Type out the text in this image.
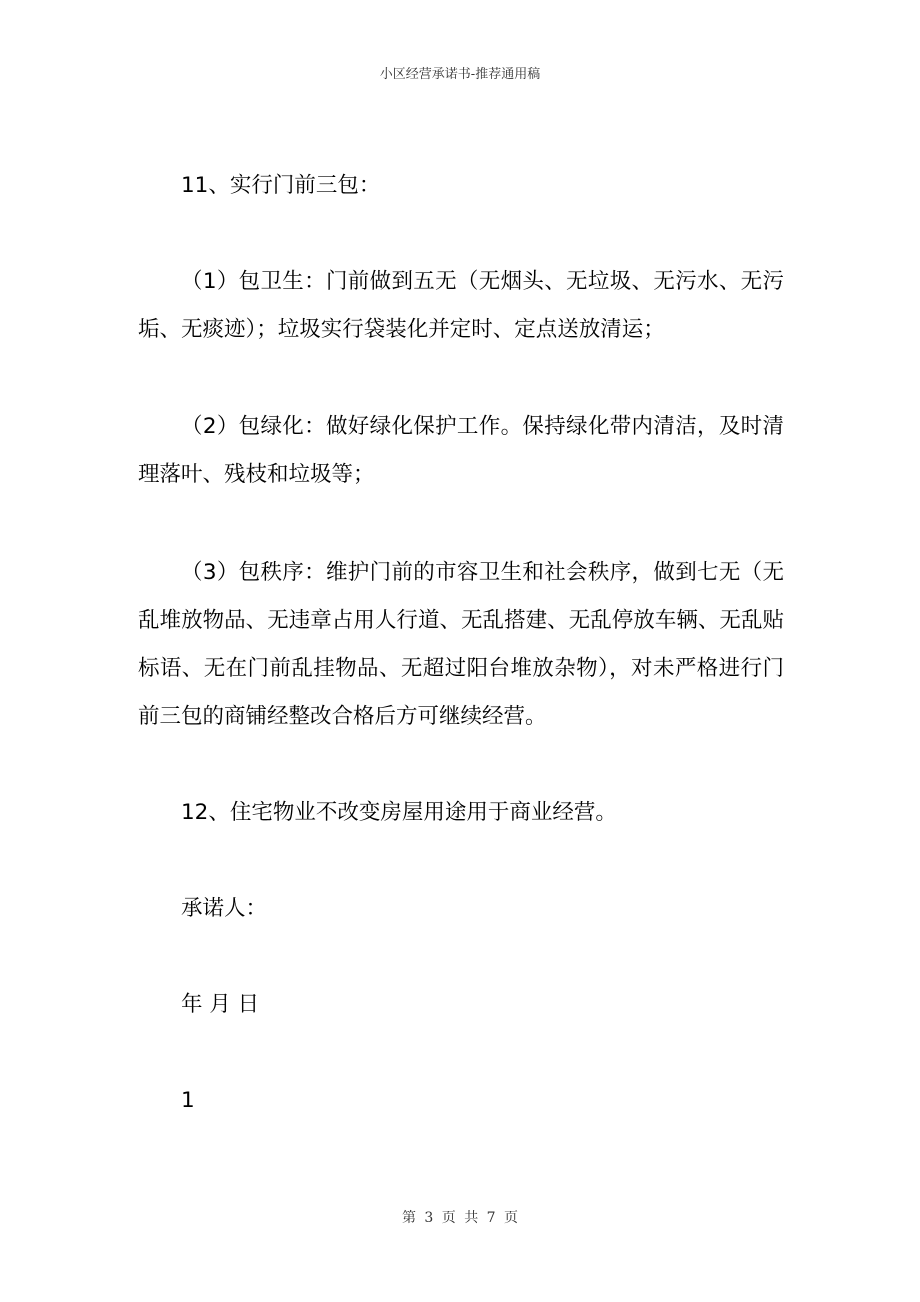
小区经营承诺书-推荐通用稿

11、实行门前三包：

（1）包卫生：门前做到五无（无烟头、无垃圾、无污水、无污垢、无痰迹）；垃圾实行袋装化并定时、定点送放清运；

（2）包绿化：做好绿化保护工作。保持绿化带内清洁，及时清理落叶、残枝和垃圾等；

（3）包秩序：维护门前的市容卫生和社会秩序，做到七无（无乱堆放物品、无违章占用人行道、无乱搭建、无乱停放车辆、无乱贴标语、无在门前乱挂物品、无超过阳台堆放杂物），对未严格进行门前三包的商铺经整改合格后方可继续经营。

12、住宅物业不改变房屋用途用于商业经营。

承诺人：

年 月 日

1

第 3 页 共 7 页
